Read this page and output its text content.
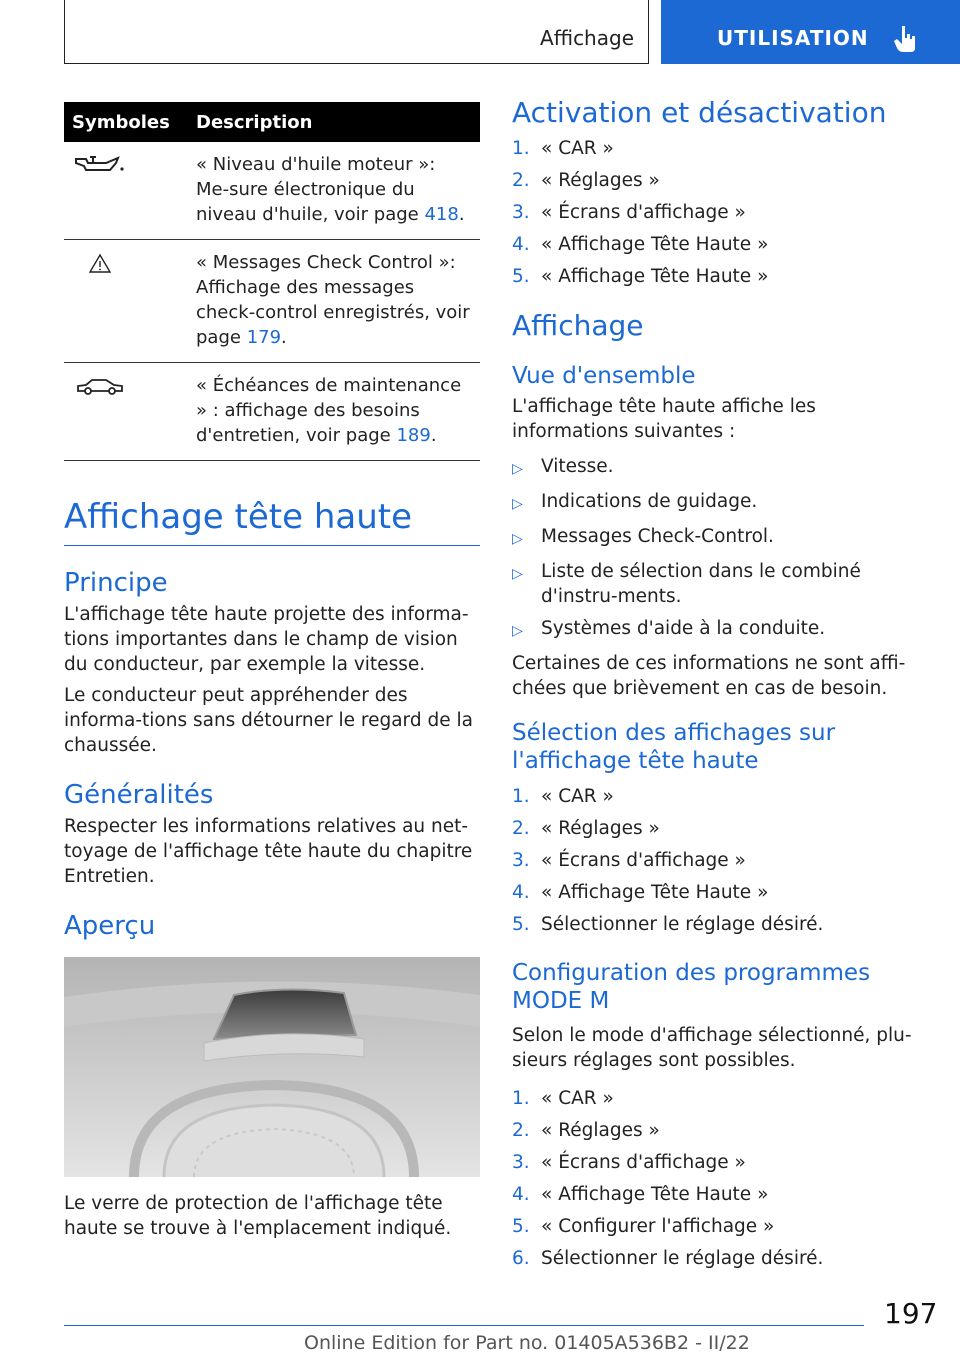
Affichage	UTILISATION
Symboles	Description
	« Niveau d'huile moteur »: Me-sure électronique du niveau d'huile, voir page 418.
	« Messages Check Control »: Affichage des messages check-control enregistrés, voir page 179.
	« Échéances de maintenance » : affichage des besoins d'entretien, voir page 189.
Affichage tête haute
Principe

L'affichage tête haute projette des informa-tions importantes dans le champ de vision du conducteur, par exemple la vitesse.

Le conducteur peut appréhender des informa-tions sans détourner le regard de la chaussée.

Généralités

Respecter les informations relatives au net-toyage de l'affichage tête haute du chapitre Entretien.

Aperçu

Le verre de protection de l'affichage tête haute se trouve à l'emplacement indiqué.

Activation et désactivation
1. « CAR »
2. « Réglages »
3. « Écrans d'affichage »
4. « Affichage Tête Haute »
5. « Affichage Tête Haute »
Affichage
Vue d'ensemble

L'affichage tête haute affiche les informations suivantes :

▷ Vitesse.
▷ Indications de guidage.
▷ Messages Check-Control.
▷ Liste de sélection dans le combiné d'instru-ments.
▷ Systèmes d'aide à la conduite.

Certaines de ces informations ne sont affi-chées que brièvement en cas de besoin.

Sélection des affichages sur l'affichage tête haute
1. « CAR »
2. « Réglages »
3. « Écrans d'affichage »
4. « Affichage Tête Haute »
5. Sélectionner le réglage désiré.
Configuration des programmes MODE M

Selon le mode d'affichage sélectionné, plu-sieurs réglages sont possibles.

1. « CAR »
2. « Réglages »
3. « Écrans d'affichage »
4. « Affichage Tête Haute »
5. « Configurer l'affichage »
6. Sélectionner le réglage désiré.
197
Online Edition for Part no. 01405A536B2 - II/22
